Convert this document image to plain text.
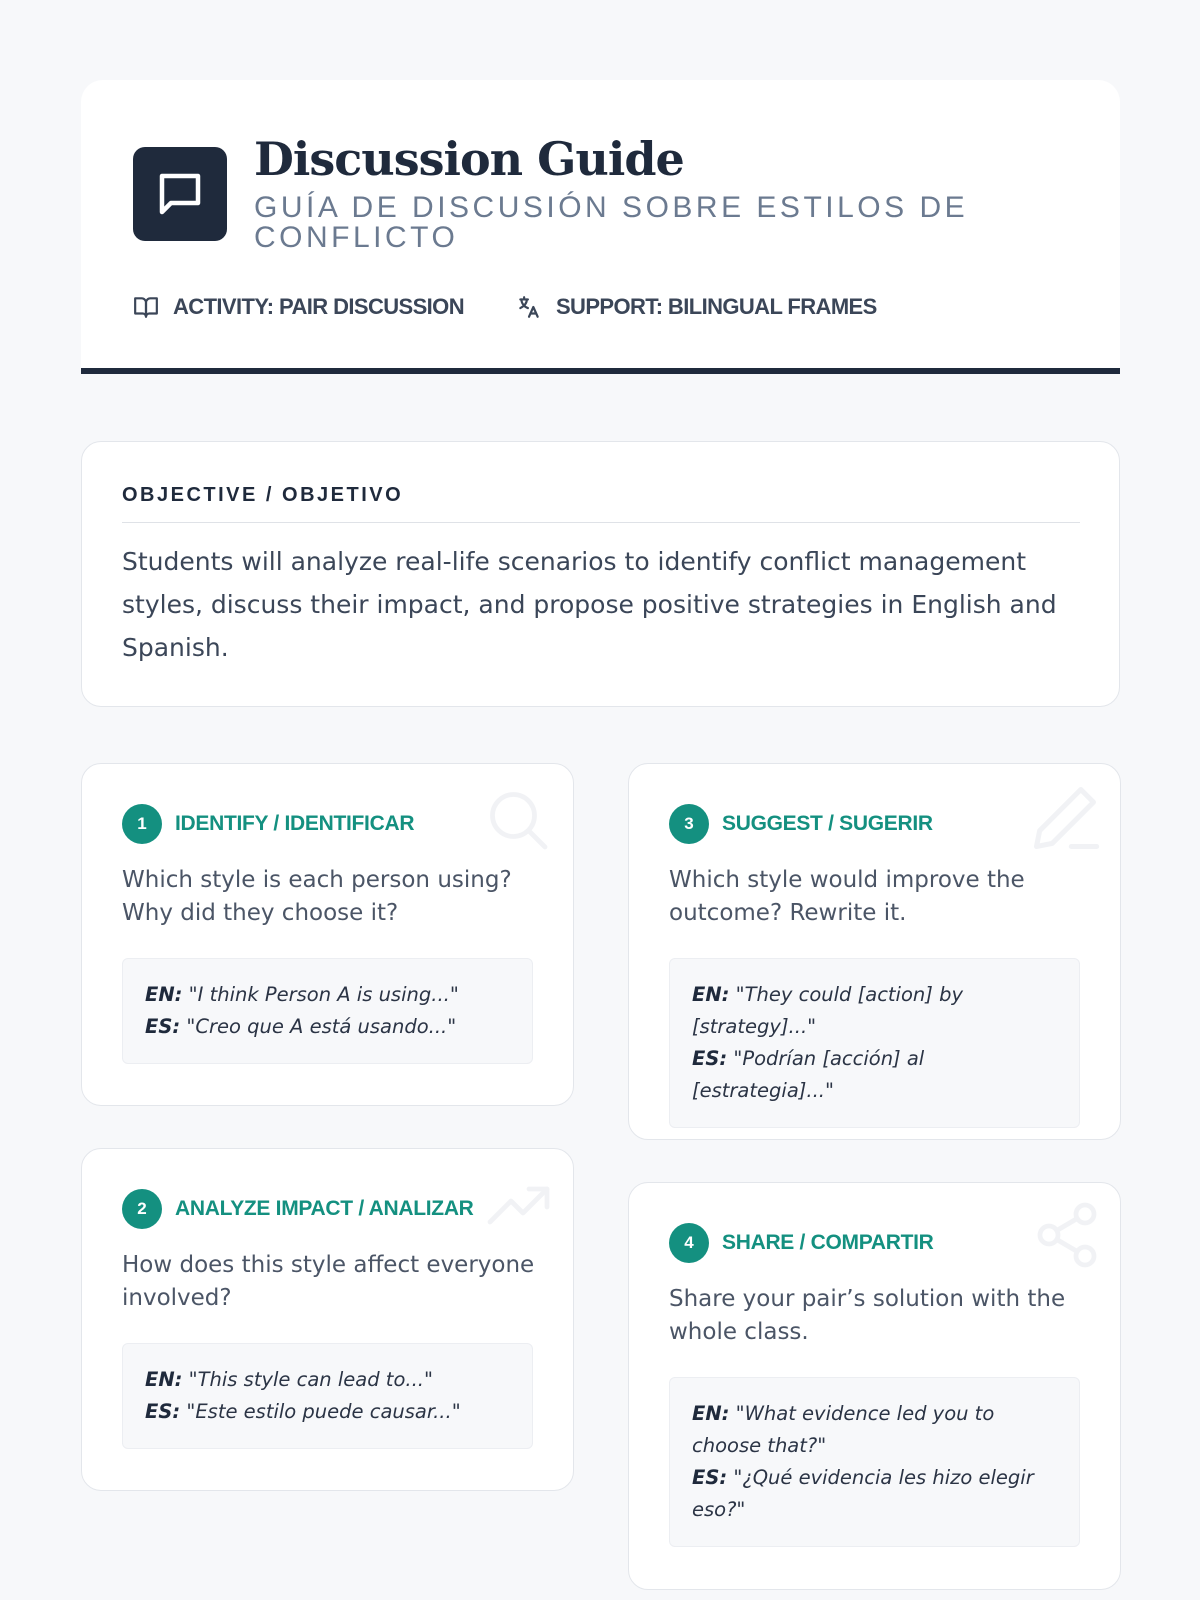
Discussion Guide
GUÍA DE DISCUSIÓN SOBRE ESTILOS DE CONFLICTO
ACTIVITY: PAIR DISCUSSION	SUPPORT: BILINGUAL FRAMES
OBJECTIVE / OBJETIVO
Students will analyze real-life scenarios to identify conflict management styles, discuss their impact, and propose positive strategies in English and Spanish.
1	IDENTIFY / IDENTIFICAR
Which style is each person using? Why did they choose it?
EN: "I think Person A is using..."
ES: "Creo que A está usando..."
2	ANALYZE IMPACT / ANALIZAR
How does this style affect everyone involved?
EN: "This style can lead to..."
ES: "Este estilo puede causar..."
3	SUGGEST / SUGERIR
Which style would improve the outcome? Rewrite it.
EN: "They could [action] by [strategy]..."
ES: "Podrían [acción] al [estrategia]..."
4	SHARE / COMPARTIR
Share your pair’s solution with the whole class.
EN: "What evidence led you to choose that?"
ES: "¿Qué evidencia les hizo elegir eso?"
